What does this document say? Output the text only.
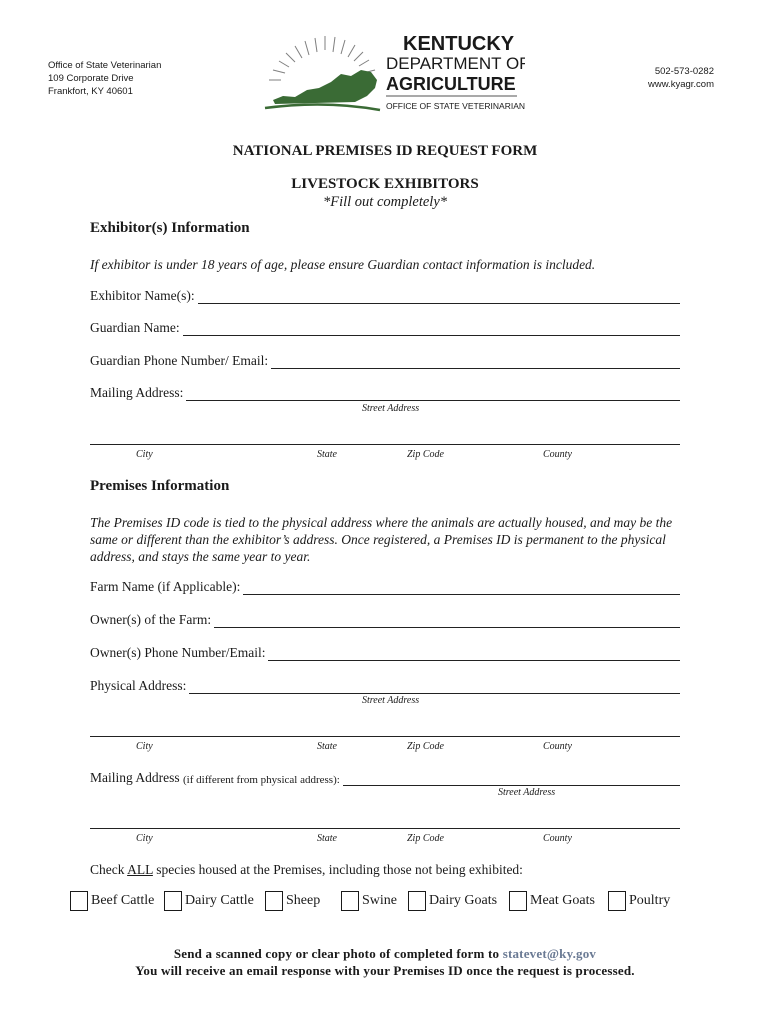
Office of State Veterinarian
109 Corporate Drive
Frankfort, KY 40601
502-573-0282
www.kyagr.com
KENTUCKY
DEPARTMENT OF
AGRICULTURE
OFFICE OF STATE VETERINARIAN
NATIONAL PREMISES ID REQUEST FORM
LIVESTOCK EXHIBITORS
*Fill out completely*
Exhibitor(s) Information
If exhibitor is under 18 years of age, please ensure Guardian contact information is included.
Exhibitor Name(s):
Guardian Name:
Guardian Phone Number/ Email:
Mailing Address:
Street Address
City	State	Zip Code	County
Premises Information
The Premises ID code is tied to the physical address where the animals are actually housed, and may be the same or different than the exhibitor’s address. Once registered, a Premises ID is permanent to the physical address, and stays the same year to year.
Farm Name (if Applicable):
Owner(s) of the Farm:
Owner(s) Phone Number/Email:
Physical Address:
Street Address
City	State	Zip Code	County
Mailing Address
(if different from physical address):
Street Address
City	State	Zip Code	County
Check ALL species housed at the Premises, including those not being exhibited:
Beef Cattle Dairy Cattle Sheep	Swine Dairy Goats Meat Goats Poultry
Send a scanned copy or clear photo of completed form to statevet@ky.gov
You will receive an email response with your Premises ID once the request is processed.
